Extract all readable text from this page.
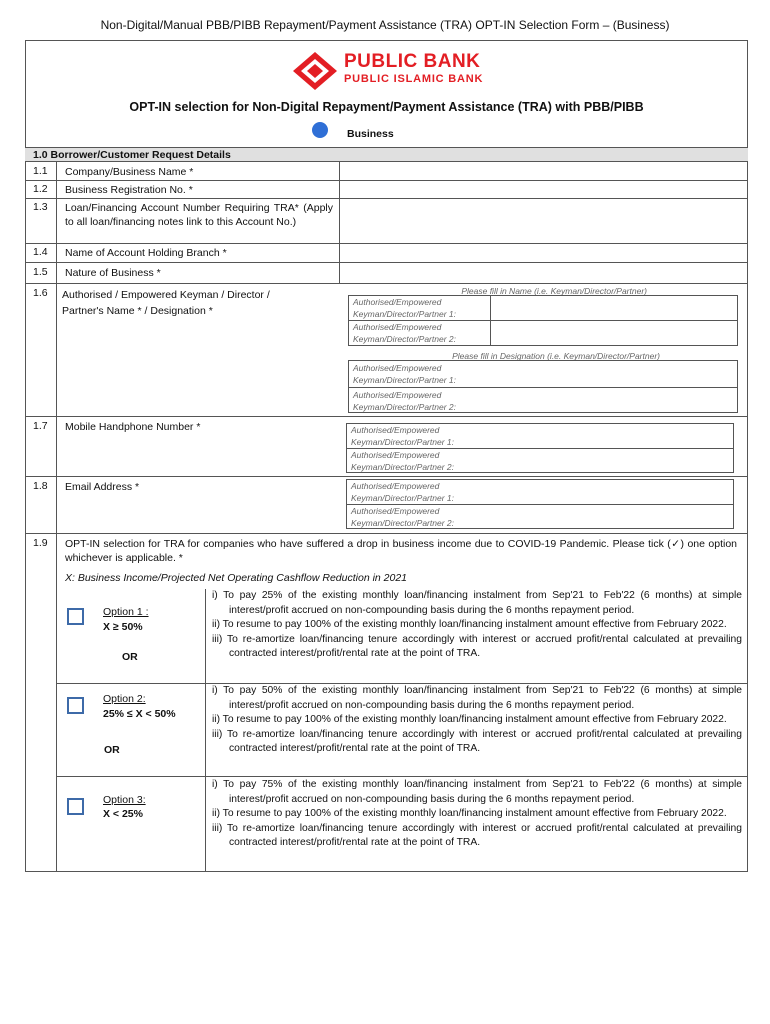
Non-Digital/Manual PBB/PIBB Repayment/Payment Assistance (TRA) OPT-IN Selection Form – (Business)
PUBLIC BANK
PUBLIC ISLAMIC BANK
OPT-IN selection for Non-Digital Repayment/Payment Assistance (TRA) with PBB/PIBB
Business
1.0 Borrower/Customer Request Details
1.1 Company/Business Name *
1.2 Business Registration No. *
1.3 Loan/Financing Account Number Requiring TRA* (Apply to all loan/financing notes link to this Account No.)
1.4 Name of Account Holding Branch *
1.5 Nature of Business *
1.6 Authorised / Empowered Keyman / Director / Partner's Name * / Designation *
Please fill in Name (i.e. Keyman/Director/Partner)
Authorised/Empowered Keyman/Director/Partner 1:
Authorised/Empowered Keyman/Director/Partner 2:
Please fill in Designation (i.e. Keyman/Director/Partner)
Authorised/Empowered Keyman/Director/Partner 1:
Authorised/Empowered Keyman/Director/Partner 2:
1.7 Mobile Handphone Number *	Authorised/Empowered Keyman/Director/Partner 1:
Authorised/Empowered Keyman/Director/Partner 2:
1.8 Email Address *	Authorised/Empowered Keyman/Director/Partner 1:
Authorised/Empowered Keyman/Director/Partner 2:
1.9 OPT-IN selection for TRA for companies who have suffered a drop in business income due to COVID-19 Pandemic. Please tick (✓) one option whichever is applicable. *
X: Business Income/Projected Net Operating Cashflow Reduction in 2021
Option 1 :
X ≥ 50%
OR

i) To pay 25% of the existing monthly loan/financing instalment from Sep'21 to Feb'22 (6 months) at simple interest/profit accrued on non-compounding basis during the 6 months repayment period.

ii) To resume to pay 100% of the existing monthly loan/financing instalment amount effective from February 2022.

iii) To re-amortize loan/financing tenure accordingly with interest or accrued profit/rental calculated at prevailing contracted interest/profit/rental rate at the point of TRA.

Option 2:
25% ≤ X < 50%
OR

i) To pay 50% of the existing monthly loan/financing instalment from Sep'21 to Feb'22 (6 months) at simple interest/profit accrued on non-compounding basis during the 6 months repayment period.

ii) To resume to pay 100% of the existing monthly loan/financing instalment amount effective from February 2022.

iii) To re-amortize loan/financing tenure accordingly with interest or accrued profit/rental calculated at prevailing contracted interest/profit/rental rate at the point of TRA.

Option 3:
X < 25%

i) To pay 75% of the existing monthly loan/financing instalment from Sep'21 to Feb'22 (6 months) at simple interest/profit accrued on non-compounding basis during the 6 months repayment period.

ii) To resume to pay 100% of the existing monthly loan/financing instalment amount effective from February 2022.

iii) To re-amortize loan/financing tenure accordingly with interest or accrued profit/rental calculated at prevailing contracted interest/profit/rental rate at the point of TRA.
